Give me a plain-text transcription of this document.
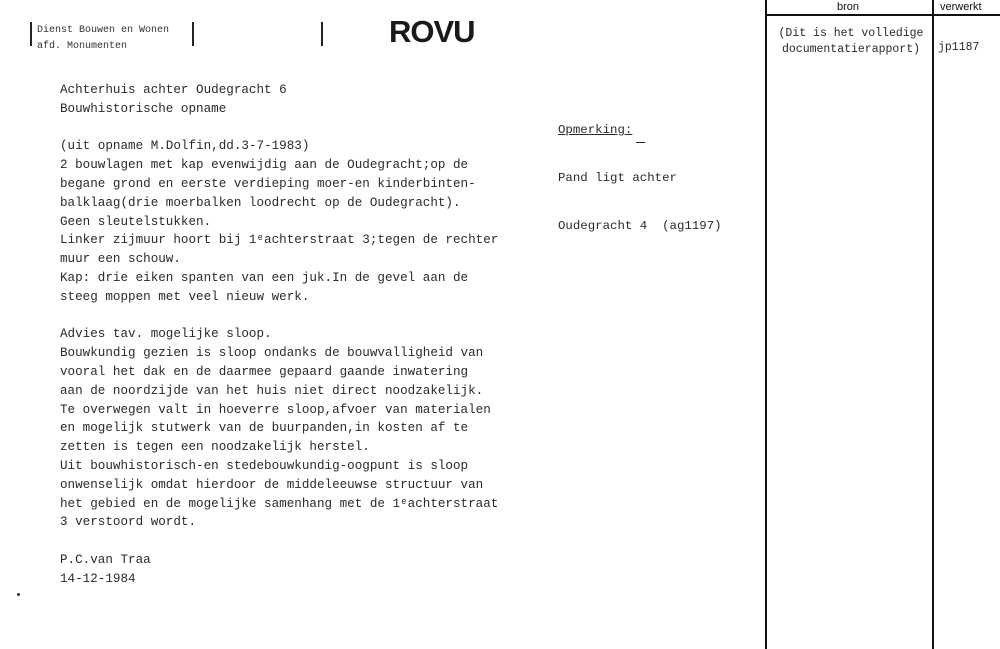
Dienst Bouwen en Wonen
afd. Monumenten	ROVU
Achterhuis achter Oudegracht 6
Bouwhistorische opname
(uit opname M.Dolfin,dd.3-7-1983)
2 bouwlagen met kap evenwijdig aan de Oudegracht;op de
begane grond en eerste verdieping moer-en kinderbinten-
balklaag(drie moerbalken loodrecht op de Oudegracht).
Geen sleutelstukken.
Linker zijmuur hoort bij 1ᵉachterstraat 3;tegen de rechter
muur een schouw.
Kap: drie eiken spanten van een juk.In de gevel aan de
steeg moppen met veel nieuw werk.
Advies tav. mogelijke sloop.
Bouwkundig gezien is sloop ondanks de bouwvalligheid van
vooral het dak en de daarmee gepaard gaande inwatering
aan de noordzijde van het huis niet direct noodzakelijk.
Te overwegen valt in hoeverre sloop,afvoer van materialen
en mogelijk stutwerk van de buurpanden,in kosten af te
zetten is tegen een noodzakelijk herstel.
Uit bouwhistorisch-en stedebouwkundig-oogpunt is sloop
onwenselijk omdat hierdoor de middeleeuwse structuur van
het gebied en de mogelijke samenhang met de 1ᵉachterstraat
3 verstoord wordt.
P.C.van Traa
14-12-1984

Opmerking:

Pand ligt achter

Oudegracht 4  (ag1197)

bron	verwerkt
(Dit is het volledige
documentatierapport)	jp1187
